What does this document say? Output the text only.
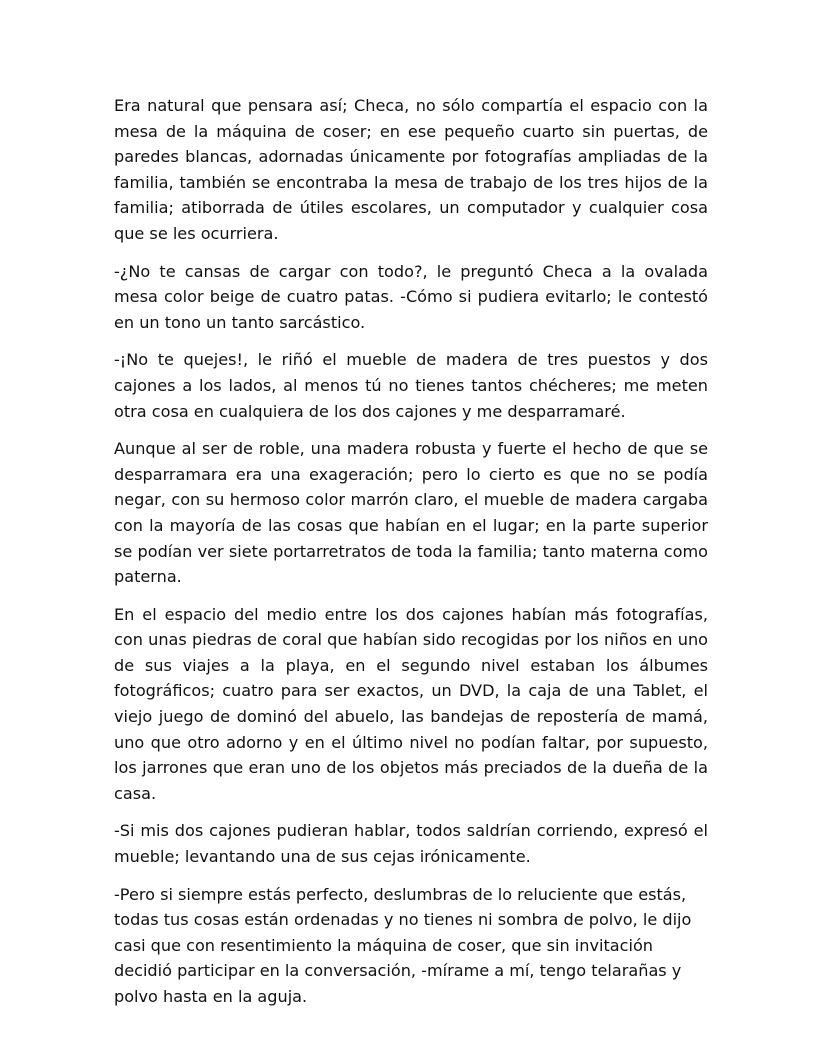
Era natural que pensara así; Checa, no sólo compartía el espacio con la mesa de la máquina de coser; en ese pequeño cuarto sin puertas, de paredes blancas, adornadas únicamente por fotografías ampliadas de la familia, también se encontraba la mesa de trabajo de los tres hijos de la familia; atiborrada de útiles escolares, un computador y cualquier cosa que se les ocurriera.

-¿No te cansas de cargar con todo?, le preguntó Checa a la ovalada mesa color beige de cuatro patas. -Cómo si pudiera evitarlo; le contestó en un tono un tanto sarcástico.

-¡No te quejes!, le riñó el mueble de madera de tres puestos y dos cajones a los lados, al menos tú no tienes tantos chécheres; me meten otra cosa en cualquiera de los dos cajones y me desparramaré.

Aunque al ser de roble, una madera robusta y fuerte el hecho de que se desparramara era una exageración; pero lo cierto es que no se podía negar, con su hermoso color marrón claro, el mueble de madera cargaba con la mayoría de las cosas que habían en el lugar; en la parte superior se podían ver siete portarretratos de toda la familia; tanto materna como paterna.

En el espacio del medio entre los dos cajones habían más fotografías, con unas piedras de coral que habían sido recogidas por los niños en uno de sus viajes a la playa, en el segundo nivel estaban los álbumes fotográficos; cuatro para ser exactos, un DVD, la caja de una Tablet, el viejo juego de dominó del abuelo, las bandejas de repostería de mamá, uno que otro adorno y en el último nivel no podían faltar, por supuesto, los jarrones que eran uno de los objetos más preciados de la dueña de la casa.

-Si mis dos cajones pudieran hablar, todos saldrían corriendo, expresó el mueble; levantando una de sus cejas irónicamente.

-Pero si siempre estás perfecto, deslumbras de lo reluciente que estás, todas tus cosas están ordenadas y no tienes ni sombra de polvo, le dijo casi que con resentimiento la máquina de coser, que sin invitación decidió participar en la conversación, -mírame a mí, tengo telarañas y polvo hasta en la aguja.
